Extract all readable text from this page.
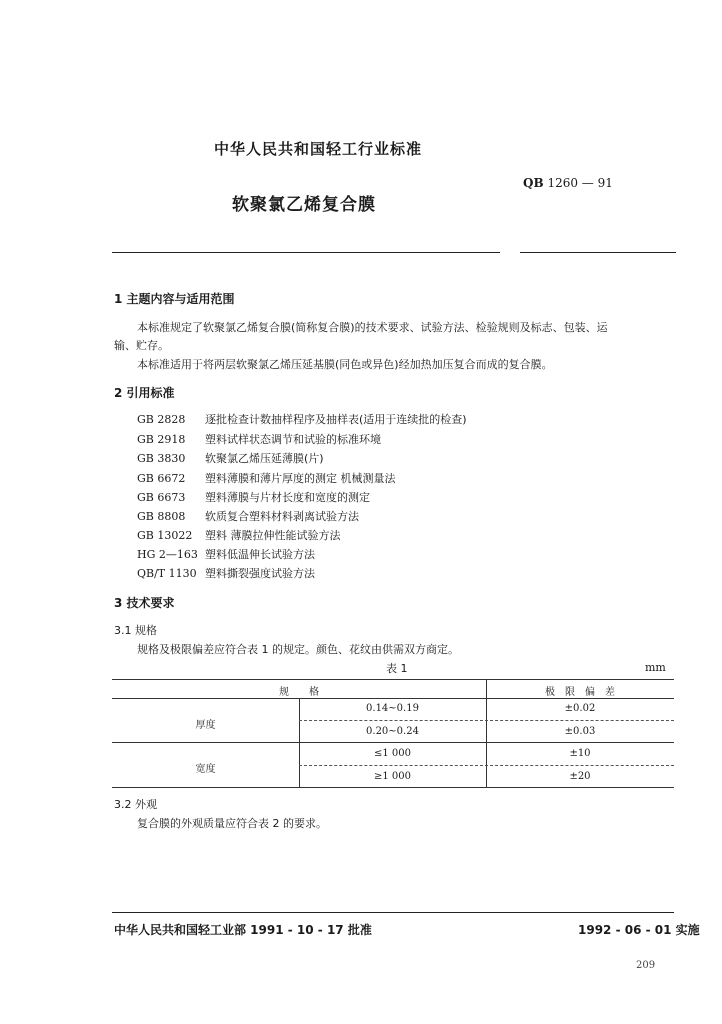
中华人民共和国轻工行业标准
QB 1260 — 91
软聚氯乙烯复合膜
1 主题内容与适用范围
本标准规定了软聚氯乙烯复合膜(简称复合膜)的技术要求、试验方法、检验规则及标志、包装、运
输、贮存。
本标准适用于将两层软聚氯乙烯压延基膜(同色或异色)经加热加压复合而成的复合膜。
2 引用标准
GB 2828 逐批检查计数抽样程序及抽样表(适用于连续批的检查)
GB 2918 塑料试样状态调节和试验的标准环境
GB 3830 软聚氯乙烯压延薄膜(片)
GB 6672 塑料薄膜和薄片厚度的测定 机械测量法
GB 6673 塑料薄膜与片材长度和宽度的测定
GB 8808 软质复合塑料材料剥离试验方法
GB 13022 塑料 薄膜拉伸性能试验方法
HG 2—163 塑料低温伸长试验方法
QB/T 1130 塑料撕裂强度试验方法
3 技术要求
3.1 规格
规格及极限偏差应符合表 1 的规定。颜色、花纹由供需双方商定。
表 1	mm
规　　格	极　限　偏　差
厚度
0.14~0.19	±0.02
0.20~0.24	±0.03
宽度
≤1 000	±10
≥1 000	±20
3.2 外观
复合膜的外观质量应符合表 2 的要求。
中华人民共和国轻工业部 1991 - 10 - 17 批准	1992 - 06 - 01 实施
209
